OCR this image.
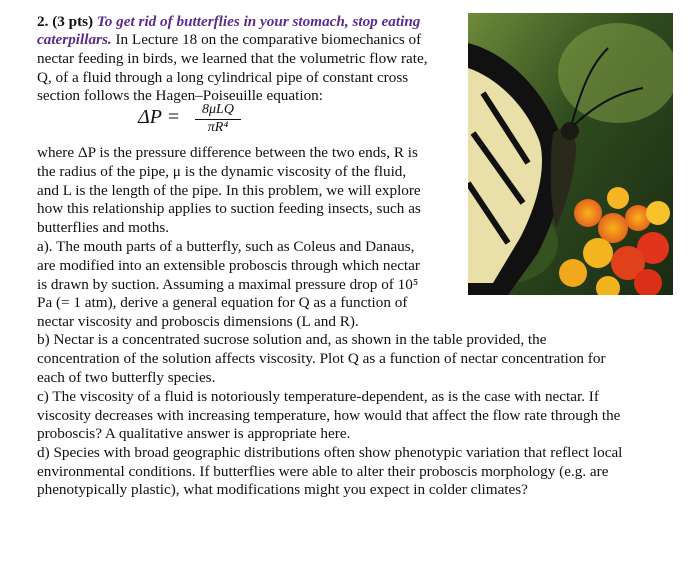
2. (3 pts) To get rid of butterflies in your stomach, stop eating
caterpillars. In Lecture 18 on the comparative biomechanics of
nectar feeding in birds, we learned that the volumetric flow rate,
Q, of a fluid through a long cylindrical pipe of constant cross
section follows the Hagen–Poiseuille equation:
ΔP =	8μLQ
πR⁴
where ΔP is the pressure difference between the two ends, R is
the radius of the pipe, μ is the dynamic viscosity of the fluid,
and L is the length of the pipe. In this problem, we will explore
how this relationship applies to suction feeding insects, such as
butterflies and moths.
a). The mouth parts of a butterfly, such as Coleus and Danaus,
are modified into an extensible proboscis through which nectar
is drawn by suction. Assuming a maximal pressure drop of 10⁵
Pa (= 1 atm), derive a general equation for Q as a function of
nectar viscosity and proboscis dimensions (L and R).
b) Nectar is a concentrated sucrose solution and, as shown in the table provided, the
concentration of the solution affects viscosity. Plot Q as a function of nectar concentration for
each of two butterfly species.
c) The viscosity of a fluid is notoriously temperature-dependent, as is the case with nectar. If
viscosity decreases with increasing temperature, how would that affect the flow rate through the
proboscis? A qualitative answer is appropriate here.
d) Species with broad geographic distributions often show phenotypic variation that reflect local
environmental conditions. If butterflies were able to alter their proboscis morphology (e.g. are
phenotypically plastic), what modifications might you expect in colder climates?
